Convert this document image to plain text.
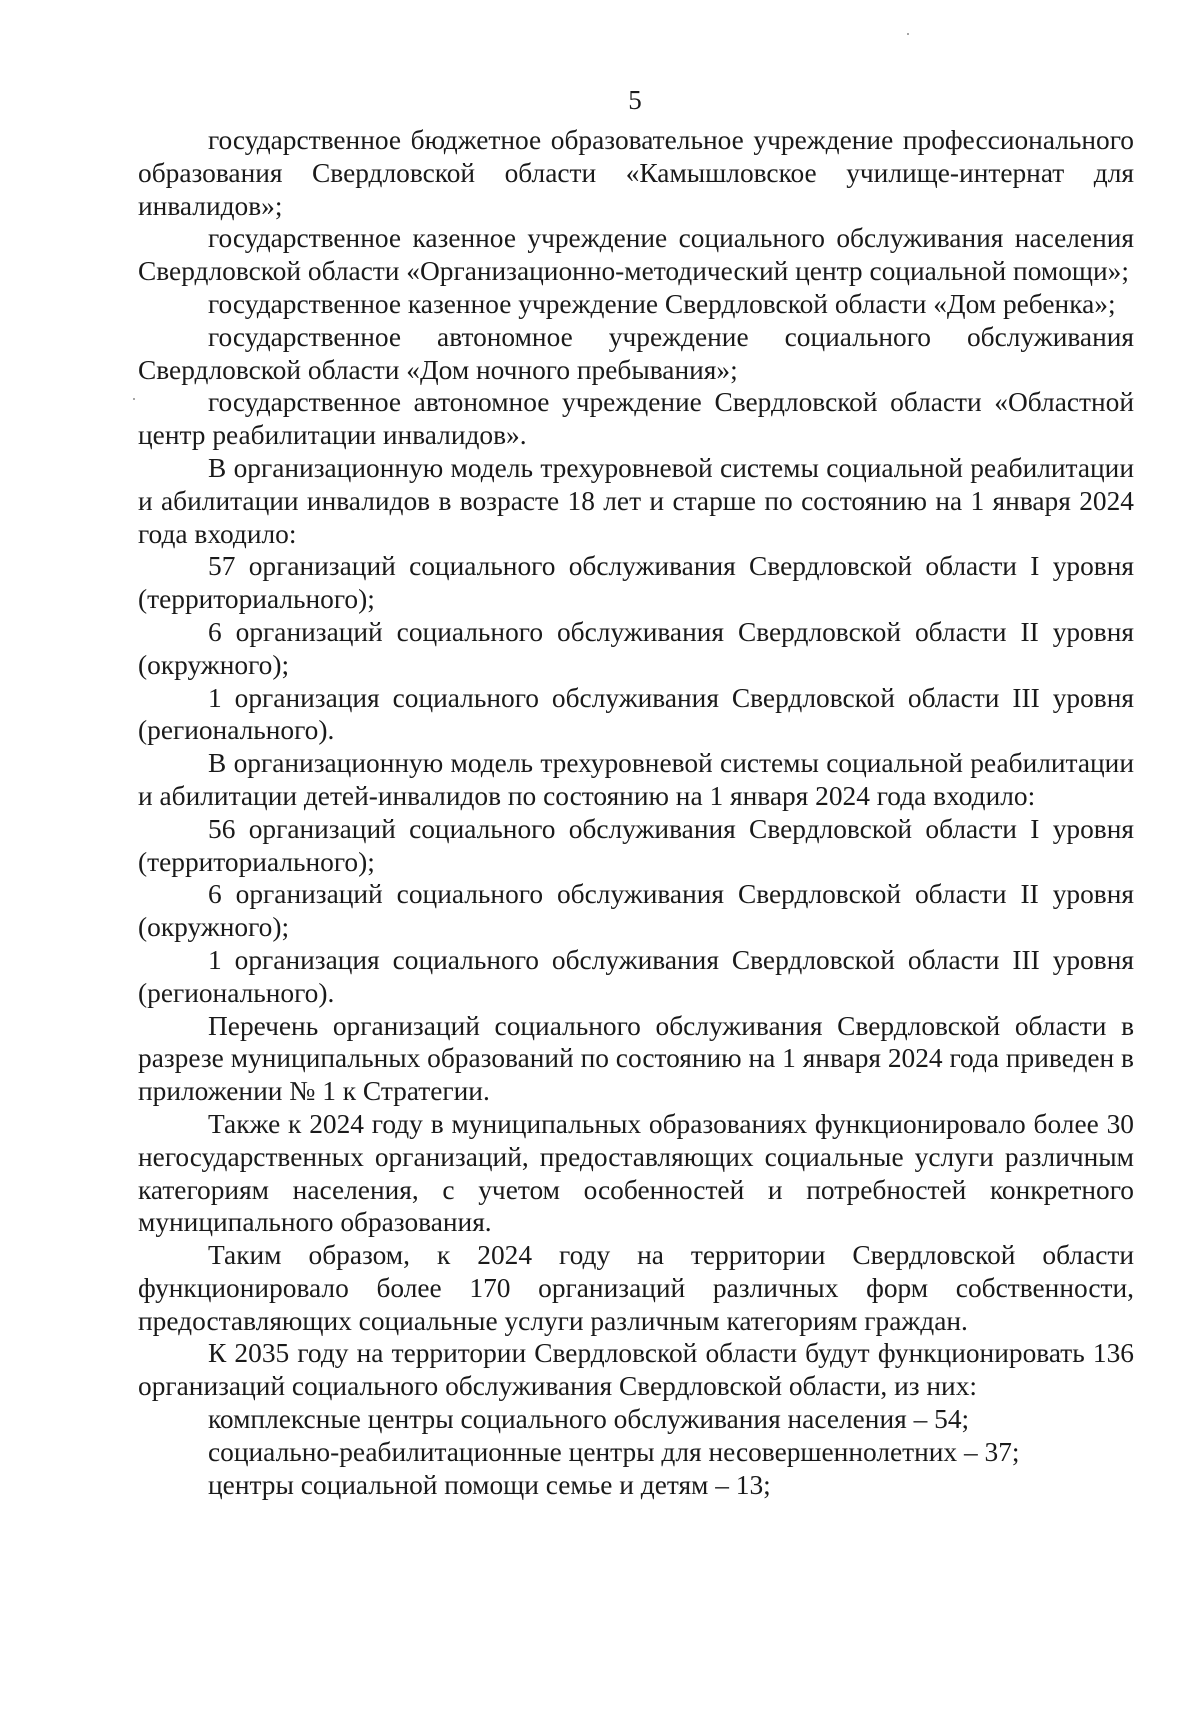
5

государственное бюджетное образовательное учреждение профессионального образования Свердловской области «Камышловское училище-интернат для инвалидов»;

государственное казенное учреждение социального обслуживания населения Свердловской области «Организационно-методический центр социальной помощи»;

государственное казенное учреждение Свердловской области «Дом ребенка»;

государственное автономное учреждение социального обслуживания Свердловской области «Дом ночного пребывания»;

государственное автономное учреждение Свердловской области «Областной центр реабилитации инвалидов».

В организационную модель трехуровневой системы социальной реабилитации и абилитации инвалидов в возрасте 18 лет и старше по состоянию на 1 января 2024 года входило:

57 организаций социального обслуживания Свердловской области I уровня (территориального);

6 организаций социального обслуживания Свердловской области II уровня (окружного);

1 организация социального обслуживания Свердловской области III уровня (регионального).

В организационную модель трехуровневой системы социальной реабилитации и абилитации детей-инвалидов по состоянию на 1 января 2024 года входило:

56 организаций социального обслуживания Свердловской области I уровня (территориального);

6 организаций социального обслуживания Свердловской области II уровня (окружного);

1 организация социального обслуживания Свердловской области III уровня (регионального).

Перечень организаций социального обслуживания Свердловской области в разрезе муниципальных образований по состоянию на 1 января 2024 года приведен в приложении № 1 к Стратегии.

Также к 2024 году в муниципальных образованиях функционировало более 30 негосударственных организаций, предоставляющих социальные услуги различным категориям населения, с учетом особенностей и потребностей конкретного муниципального образования.

Таким образом, к 2024 году на территории Свердловской области функционировало более 170 организаций различных форм собственности, предоставляющих социальные услуги различным категориям граждан.

К 2035 году на территории Свердловской области будут функционировать 136 организаций социального обслуживания Свердловской области, из них:

комплексные центры социального обслуживания населения – 54;

социально-реабилитационные центры для несовершеннолетних – 37;

центры социальной помощи семье и детям – 13;
